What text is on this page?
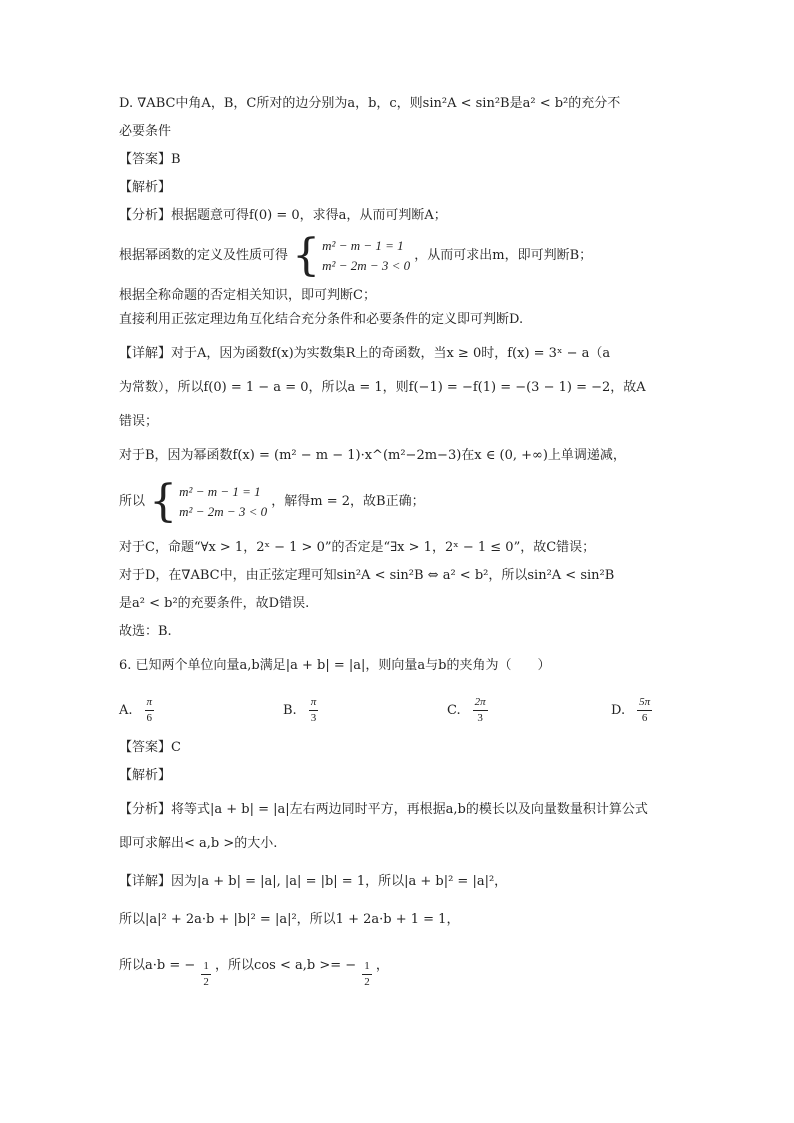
D. ∇ABC中角A，B，C所对的边分别为a，b，c，则sin²A < sin²B是a² < b²的充分不
必要条件
【答案】B
【解析】
【分析】根据题意可得f(0) = 0，求得a，从而可判断A；
根据幂函数的定义及性质可得 { m² − m − 1 = 1
m² − 2m − 3 < 0
，从而可求出m，即可判断B；
根据全称命题的否定相关知识，即可判断C；
直接利用正弦定理边角互化结合充分条件和必要条件的定义即可判断D.
【详解】对于A，因为函数f(x)为实数集R上的奇函数，当x ≥ 0时，f(x) = 3ˣ − a（a
为常数），所以f(0) = 1 − a = 0，所以a = 1，则f(−1) = −f(1) = −(3 − 1) = −2，故A
错误；
对于B，因为幂函数f(x) = (m² − m − 1)·x^(m²−2m−3)在x ∈ (0, +∞)上单调递减，
所以 { m² − m − 1 = 1
m² − 2m − 3 < 0
，解得m = 2，故B正确；
对于C，命题“∀x > 1，2ˣ − 1 > 0”的否定是“∃x > 1，2ˣ − 1 ≤ 0”，故C错误；
对于D，在∇ABC中，由正弦定理可知sin²A < sin²B ⇔ a² < b²，所以sin²A < sin²B
是a² < b²的充要条件，故D错误.
故选：B.
6. 已知两个单位向量a,b满足|a + b| = |a|，则向量a与b的夹角为（　　）
A. $\frac{\pi}{6}$	B. $\frac{\pi}{3}$	C. $\frac{2\pi}{3}$	D. $\frac{5\pi}{6}$
【答案】C
【解析】
【分析】将等式|a + b| = |a|左右两边同时平方，再根据a,b的模长以及向量数量积计算公式
即可求解出< a,b >的大小.
【详解】因为|a + b| = |a|, |a| = |b| = 1，所以|a + b|² = |a|²，
所以|a|² + 2a·b + |b|² = |a|²，所以1 + 2a·b + 1 = 1，
所以a·b = − $\frac{1}{2}$ ，所以cos < a,b >= − $\frac{1}{2}$ ，
